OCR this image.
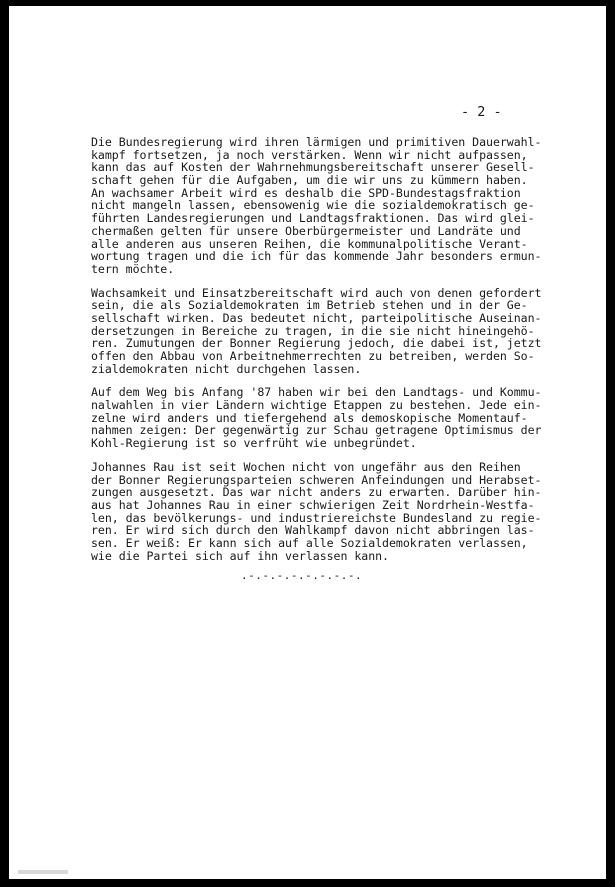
- 2 -
Die Bundesregierung wird ihren lärmigen und primitiven Dauerwahl-
kampf fortsetzen, ja noch verstärken. Wenn wir nicht aufpassen,
kann das auf Kosten der Wahrnehmungsbereitschaft unserer Gesell-
schaft gehen für die Aufgaben, um die wir uns zu kümmern haben.
An wachsamer Arbeit wird es deshalb die SPD-Bundestagsfraktion
nicht mangeln lassen, ebensowenig wie die sozialdemokratisch ge-
führten Landesregierungen und Landtagsfraktionen. Das wird glei-
chermaßen gelten für unsere Oberbürgermeister und Landräte und
alle anderen aus unseren Reihen, die kommunalpolitische Verant-
wortung tragen und die ich für das kommende Jahr besonders ermun-
tern möchte.
Wachsamkeit und Einsatzbereitschaft wird auch von denen gefordert
sein, die als Sozialdemokraten im Betrieb stehen und in der Ge-
sellschaft wirken. Das bedeutet nicht, parteipolitische Auseinan-
dersetzungen in Bereiche zu tragen, in die sie nicht hineingehö-
ren. Zumutungen der Bonner Regierung jedoch, die dabei ist, jetzt
offen den Abbau von Arbeitnehmerrechten zu betreiben, werden So-
zialdemokraten nicht durchgehen lassen.
Auf dem Weg bis Anfang '87 haben wir bei den Landtags- und Kommu-
nalwahlen in vier Ländern wichtige Etappen zu bestehen. Jede ein-
zelne wird anders und tiefergehend als demoskopische Momentauf-
nahmen zeigen: Der gegenwärtig zur Schau getragene Optimismus der
Kohl-Regierung ist so verfrüht wie unbegründet.
Johannes Rau ist seit Wochen nicht von ungefähr aus den Reihen
der Bonner Regierungsparteien schweren Anfeindungen und Herabset-
zungen ausgesetzt. Das war nicht anders zu erwarten. Darüber hin-
aus hat Johannes Rau in einer schwierigen Zeit Nordrhein-Westfa-
len, das bevölkerungs- und industriereichste Bundesland zu regie-
ren. Er wird sich durch den Wahlkampf davon nicht abbringen las-
sen. Er weiß: Er kann sich auf alle Sozialdemokraten verlassen,
wie die Partei sich auf ihn verlassen kann.
.-.-.-.-.-.-.-.-.
